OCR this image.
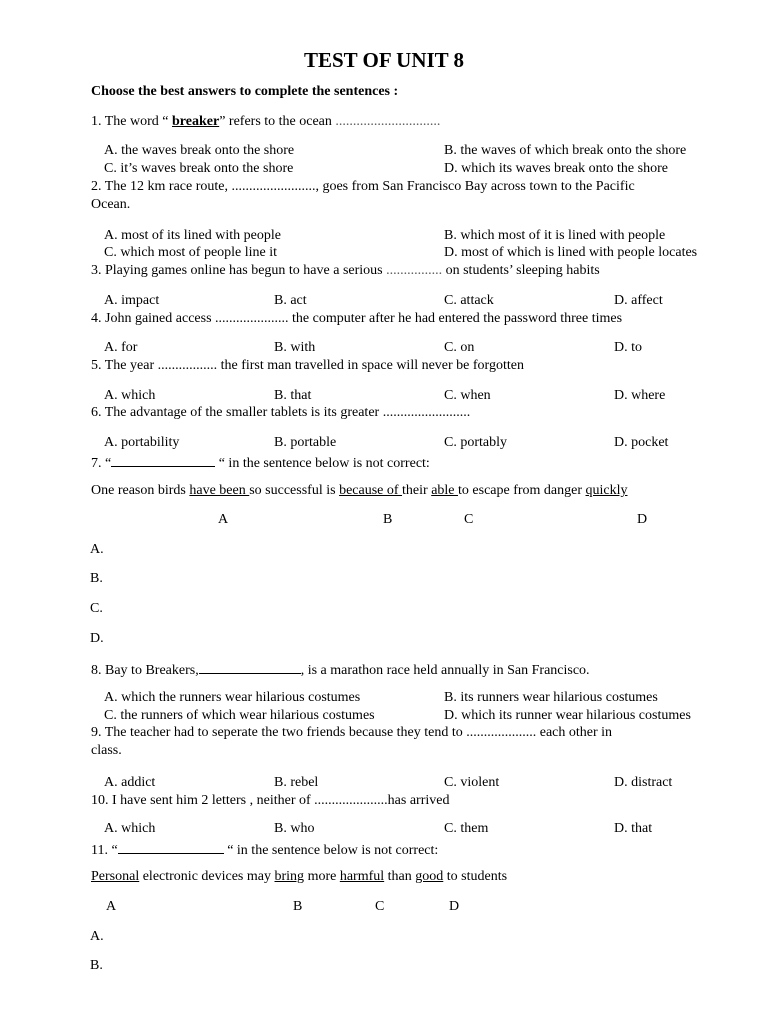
TEST OF UNIT 8
Choose the best answers to complete the sentences :
1. The word “ breaker” refers to the ocean ..............................
A. the waves break onto the shore	B. the waves of which break onto the shore
C. it’s waves break onto the shore	D. which its waves break onto the shore
2. The 12 km race route, ........................, goes from San Francisco Bay across town to the Pacific
Ocean.
A. most of its lined with people	B. which most of it is lined with people
C. which most of people line it	D. most of which is lined with people locates
3. Playing games online has begun to have a serious ................ on students’ sleeping habits
A. impact	B. act	C. attack	D. affect
4. John gained access ..................... the computer after he had entered the password three times
A. for	B. with	C. on	D. to
5. The year ................. the first man travelled in space will never be forgotten
A. which	B. that	C. when	D. where
6. The advantage of the smaller tablets is its greater .........................
A. portability	B. portable	C. portably	D. pocket
7. “	“ in the sentence below is not correct:
One reason birds have been so successful is because of their able to escape from danger quickly
A	B	C	D
A.
B.
C.
D.
8. Bay to Breakers,	, is a marathon race held annually in San Francisco.
A. which the runners wear hilarious costumes	B. its runners wear hilarious costumes
C. the runners of which wear hilarious costumes	D. which its runner wear hilarious costumes
9. The teacher had to seperate the two friends because they tend to .................... each other in
class.
A. addict	B. rebel	C. violent	D. distract
10. I have sent him 2 letters , neither of .....................has arrived
A. which	B. who	C. them	D. that
11. “	“ in the sentence below is not correct:
Personal electronic devices may bring more harmful than good to students
A	B	C	D
A.
B.
